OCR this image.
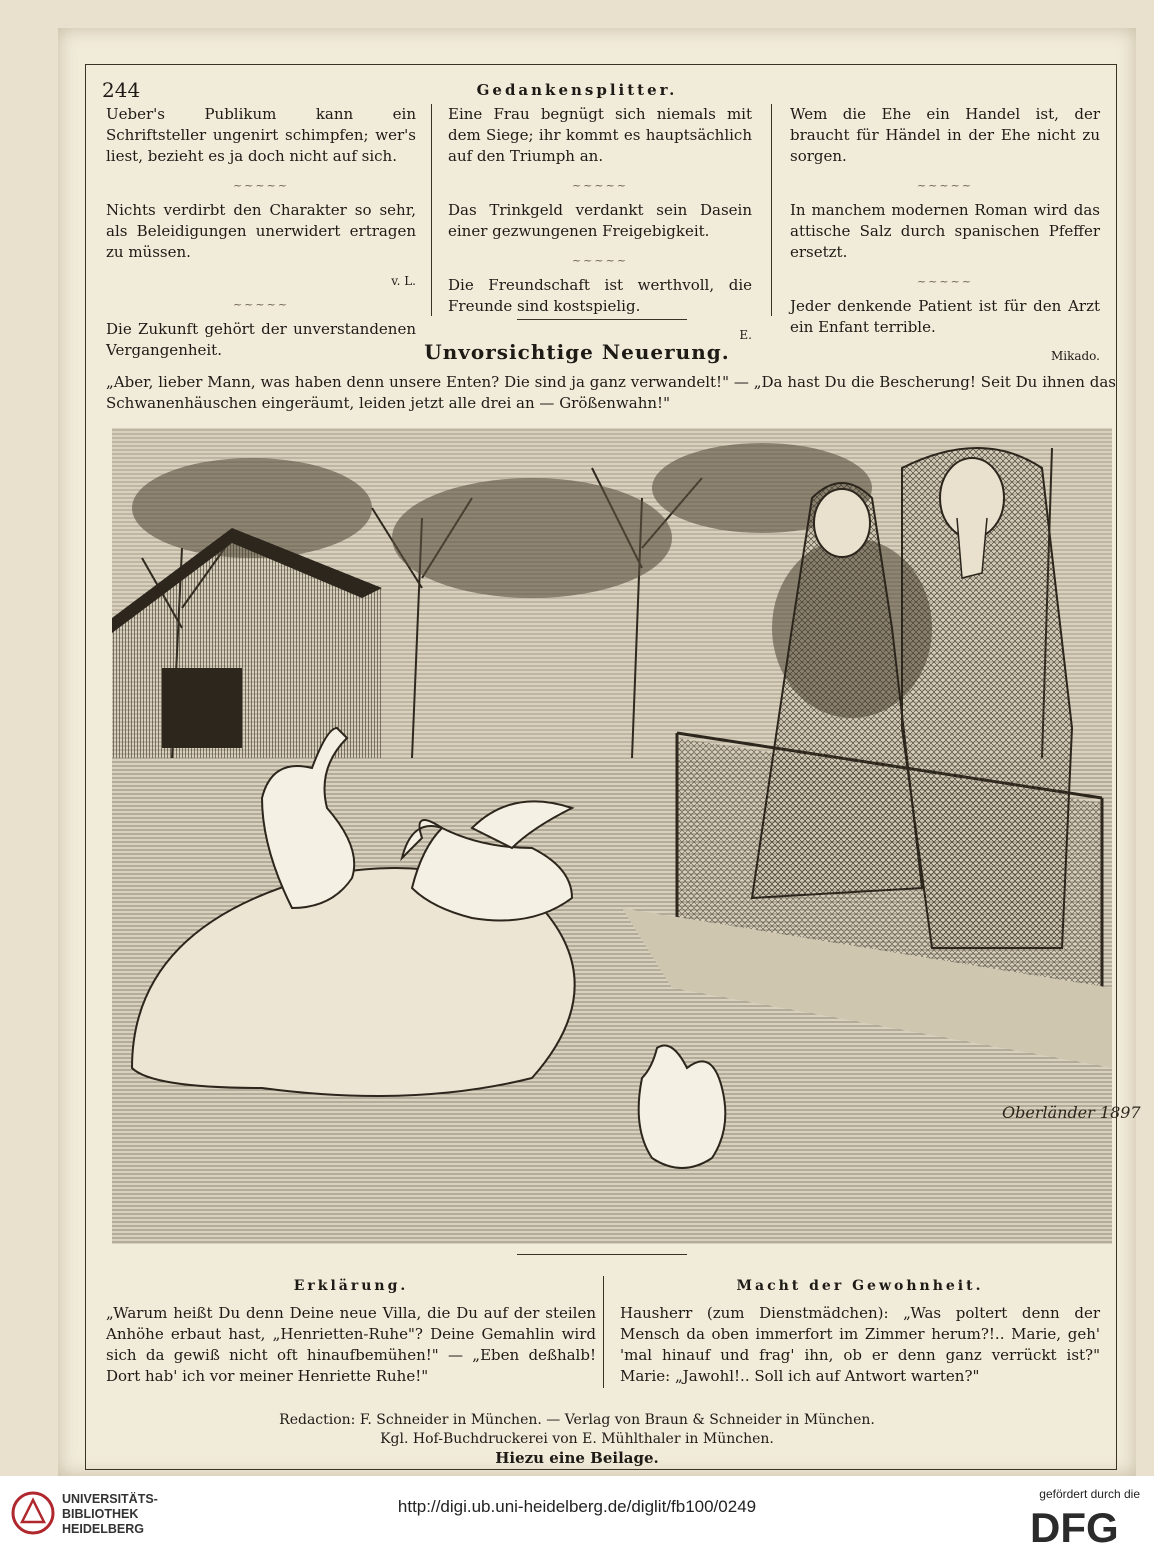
244	Gedankensplitter.

Ueber's Publikum kann ein Schriftsteller ungenirt schimpfen; wer's liest, bezieht es ja doch nicht auf sich.

~~~~~

Nichts verdirbt den Charakter so sehr, als Beleidigungen unerwidert ertragen zu müssen.

v. L.
~~~~~

Die Zukunft gehört der unverstandenen Vergangenheit.

Eine Frau begnügt sich niemals mit dem Siege; ihr kommt es hauptsächlich auf den Triumph an.

~~~~~

Das Trinkgeld verdankt sein Dasein einer gezwungenen Freigebigkeit.

~~~~~

Die Freundschaft ist werthvoll, die Freunde sind kostspielig.

E.

Wem die Ehe ein Handel ist, der braucht für Händel in der Ehe nicht zu sorgen.

~~~~~

In manchem modernen Roman wird das attische Salz durch spanischen Pfeffer ersetzt.

~~~~~

Jeder denkende Patient ist für den Arzt ein Enfant terrible.

Mikado.
Unvorsichtige Neuerung.
„Aber, lieber Mann, was haben denn unsere Enten? Die sind ja ganz verwandelt!" — „Da hast Du die Bescherung! Seit Du ihnen das Schwanenhäuschen eingeräumt, leiden jetzt alle drei an — Größenwahn!"
Oberländer 1897
Erklärung.
„Warum heißt Du denn Deine neue Villa, die Du auf der steilen Anhöhe erbaut hast, „Henrietten-Ruhe"? Deine Gemahlin wird sich da gewiß nicht oft hinaufbemühen!" — „Eben deßhalb! Dort hab' ich vor meiner Henriette Ruhe!"
Macht der Gewohnheit.
Hausherr (zum Dienstmädchen): „Was poltert denn der Mensch da oben immerfort im Zimmer herum?!.. Marie, geh' 'mal hinauf und frag' ihn, ob er denn ganz verrückt ist?" Marie: „Jawohl!.. Soll ich auf Antwort warten?"
Redaction: F. Schneider in München. — Verlag von Braun & Schneider in München.
Kgl. Hof-Buchdruckerei von E. Mühlthaler in München.
Hiezu eine Beilage.
UNIVERSITÄTS-
BIBLIOTHEK
HEIDELBERG
http://digi.ub.uni-heidelberg.de/diglit/fb100/0249
gefördert durch die
DFG
